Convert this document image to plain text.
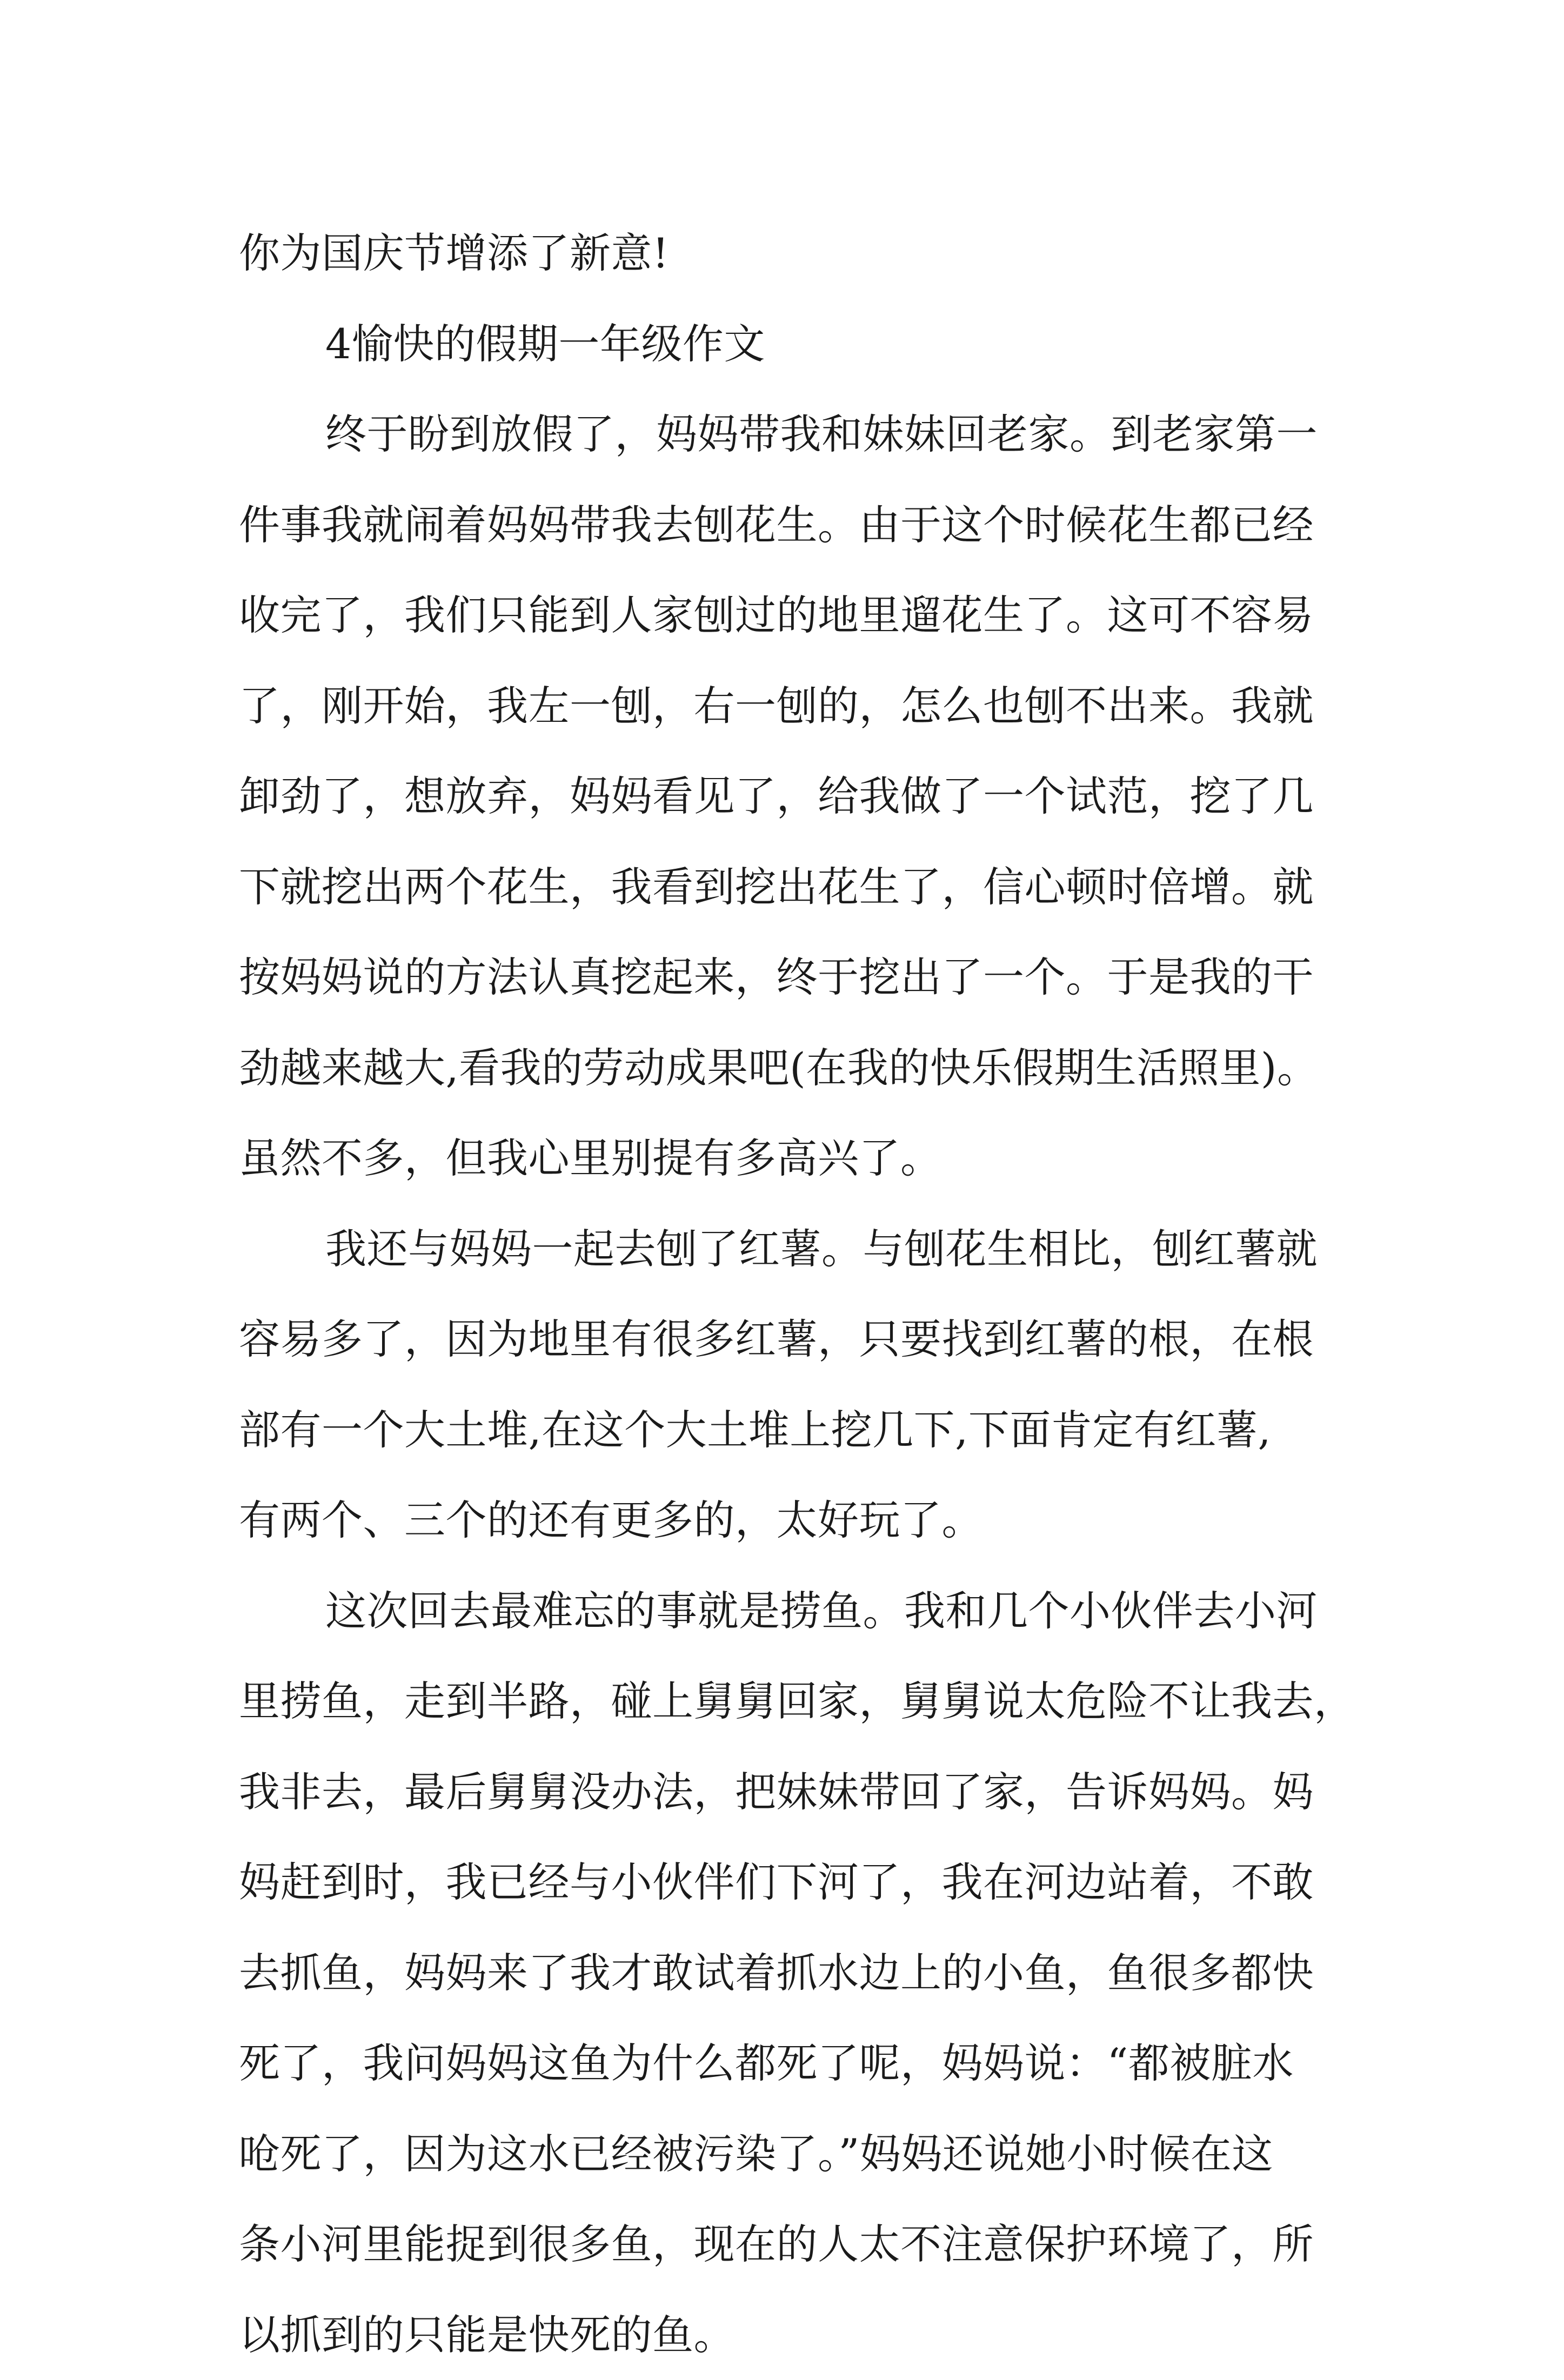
你为国庆节增添了新意!
4愉快的假期一年级作文
终于盼到放假了，妈妈带我和妹妹回老家。到老家第一
件事我就闹着妈妈带我去刨花生。由于这个时候花生都已经
收完了，我们只能到人家刨过的地里遛花生了。这可不容易
了，刚开始，我左一刨，右一刨的，怎么也刨不出来。我就
卸劲了，想放弃，妈妈看见了，给我做了一个试范，挖了几
下就挖出两个花生，我看到挖出花生了，信心顿时倍增。就
按妈妈说的方法认真挖起来，终于挖出了一个。于是我的干
劲越来越大,看我的劳动成果吧(在我的快乐假期生活照里)。
虽然不多，但我心里别提有多高兴了。
我还与妈妈一起去刨了红薯。与刨花生相比，刨红薯就
容易多了，因为地里有很多红薯，只要找到红薯的根，在根
部有一个大土堆,在这个大土堆上挖几下,下面肯定有红薯,
有两个、三个的还有更多的，太好玩了。
这次回去最难忘的事就是捞鱼。我和几个小伙伴去小河
里捞鱼，走到半路，碰上舅舅回家，舅舅说太危险不让我去，
我非去，最后舅舅没办法，把妹妹带回了家，告诉妈妈。妈
妈赶到时，我已经与小伙伴们下河了，我在河边站着，不敢
去抓鱼，妈妈来了我才敢试着抓水边上的小鱼，鱼很多都快
死了，我问妈妈这鱼为什么都死了呢，妈妈说：“都被脏水
呛死了，因为这水已经被污染了。”妈妈还说她小时候在这
条小河里能捉到很多鱼，现在的人太不注意保护环境了，所
以抓到的只能是快死的鱼。
